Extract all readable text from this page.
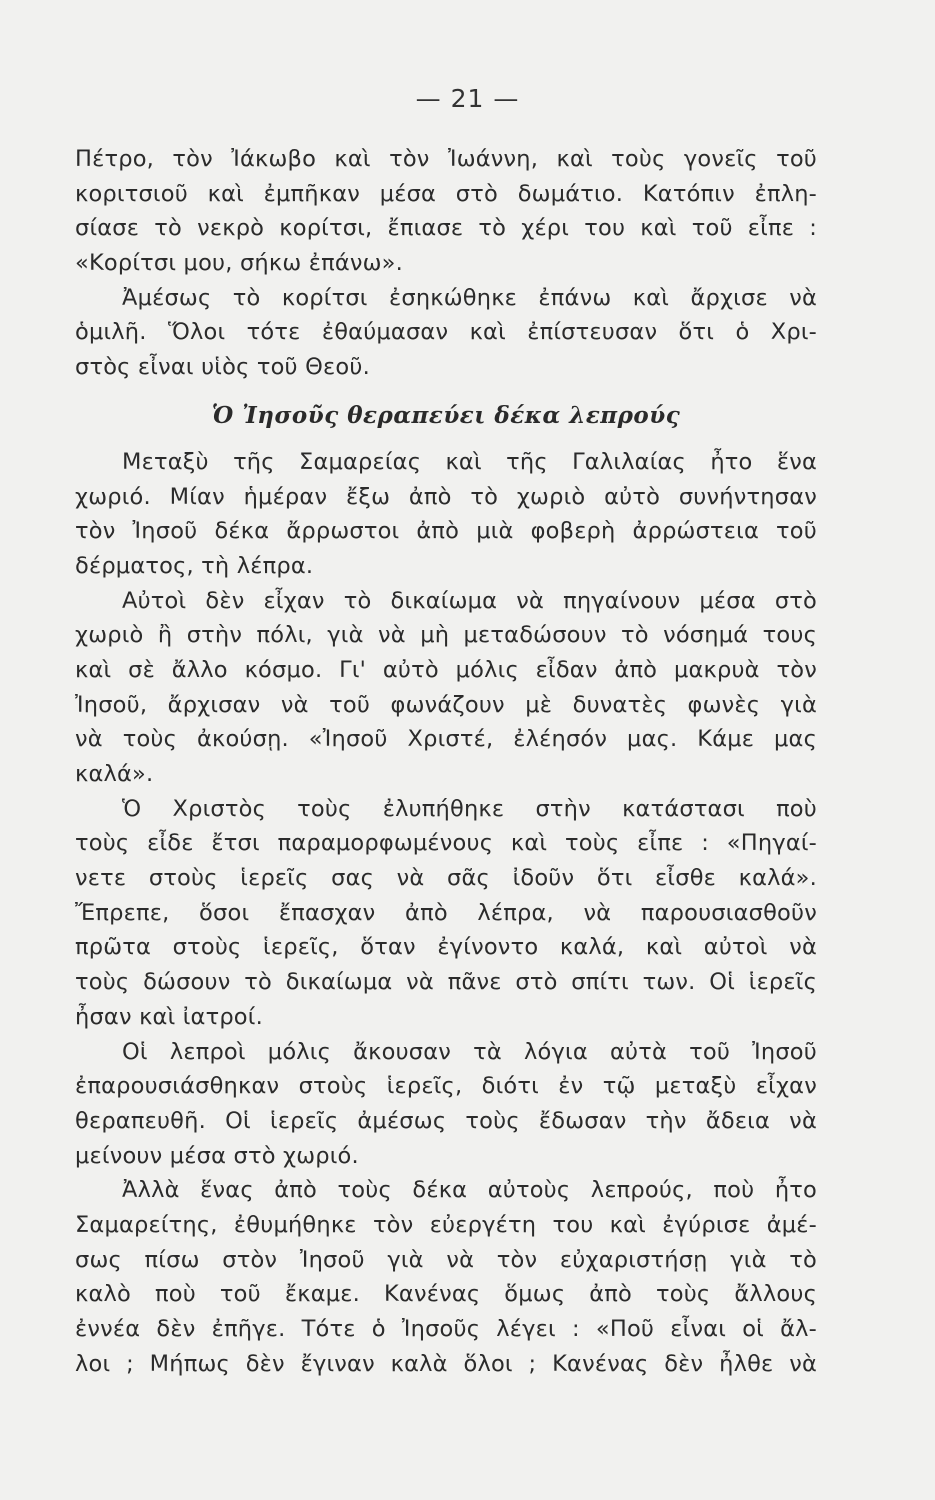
— 21 —
Πέτρο, τὸν Ἰάκωβο καὶ τὸν Ἰωάννη, καὶ τοὺς γονεῖς τοῦ
κοριτσιοῦ καὶ ἐμπῆκαν μέσα στὸ δωμάτιο. Κατόπιν ἐπλη-
σίασε τὸ νεκρὸ κορίτσι, ἔπιασε τὸ χέρι του καὶ τοῦ εἶπε :
«Κορίτσι μου, σήκω ἐπάνω».
Ἀμέσως τὸ κορίτσι ἐσηκώθηκε ἐπάνω καὶ ἄρχισε νὰ
ὁμιλῆ. Ὅλοι τότε ἐθαύμασαν καὶ ἐπίστευσαν ὅτι ὁ Χρι-
στὸς εἶναι υἱὸς τοῦ Θεοῦ.
Ὁ Ἰησοῦς θεραπεύει δέκα λεπρούς
Μεταξὺ τῆς Σαμαρείας καὶ τῆς Γαλιλαίας ἦτο ἕνα
χωριό. Μίαν ἡμέραν ἔξω ἀπὸ τὸ χωριὸ αὐτὸ συνήντησαν
τὸν Ἰησοῦ δέκα ἄρρωστοι ἀπὸ μιὰ φοβερὴ ἀρρώστεια τοῦ
δέρματος, τὴ λέπρα.
Αὐτοὶ δὲν εἶχαν τὸ δικαίωμα νὰ πηγαίνουν μέσα στὸ
χωριὸ ἢ στὴν πόλι, γιὰ νὰ μὴ μεταδώσουν τὸ νόσημά τους
καὶ σὲ ἄλλο κόσμο. Γι' αὐτὸ μόλις εἶδαν ἀπὸ μακρυὰ τὸν
Ἰησοῦ, ἄρχισαν νὰ τοῦ φωνάζουν μὲ δυνατὲς φωνὲς γιὰ
νὰ τοὺς ἀκούσῃ. «Ἰησοῦ Χριστέ, ἐλέησόν μας. Κάμε μας
καλά».
Ὁ Χριστὸς τοὺς ἐλυπήθηκε στὴν κατάστασι ποὺ
τοὺς εἶδε ἔτσι παραμορφωμένους καὶ τοὺς εἶπε : «Πηγαί-
νετε στοὺς ἱερεῖς σας νὰ σᾶς ἰδοῦν ὅτι εἶσθε καλά».
Ἔπρεπε, ὅσοι ἔπασχαν ἀπὸ λέπρα, νὰ παρουσιασθοῦν
πρῶτα στοὺς ἱερεῖς, ὅταν ἐγίνοντο καλά, καὶ αὐτοὶ νὰ
τοὺς δώσουν τὸ δικαίωμα νὰ πᾶνε στὸ σπίτι των. Οἱ ἱερεῖς
ἦσαν καὶ ἰατροί.
Οἱ λεπροὶ μόλις ἄκουσαν τὰ λόγια αὐτὰ τοῦ Ἰησοῦ
ἐπαρουσιάσθηκαν στοὺς ἱερεῖς, διότι ἐν τῷ μεταξὺ εἶχαν
θεραπευθῆ. Οἱ ἱερεῖς ἀμέσως τοὺς ἔδωσαν τὴν ἄδεια νὰ
μείνουν μέσα στὸ χωριό.
Ἀλλὰ ἕνας ἀπὸ τοὺς δέκα αὐτοὺς λεπρούς, ποὺ ἦτο
Σαμαρείτης, ἐθυμήθηκε τὸν εὐεργέτη του καὶ ἐγύρισε ἀμέ-
σως πίσω στὸν Ἰησοῦ γιὰ νὰ τὸν εὐχαριστήσῃ γιὰ τὸ
καλὸ ποὺ τοῦ ἔκαμε. Κανένας ὅμως ἀπὸ τοὺς ἄλλους
ἐννέα δὲν ἐπῆγε. Τότε ὁ Ἰησοῦς λέγει : «Ποῦ εἶναι οἱ ἄλ-
λοι ; Μήπως δὲν ἔγιναν καλὰ ὅλοι ; Κανένας δὲν ἦλθε νὰ
